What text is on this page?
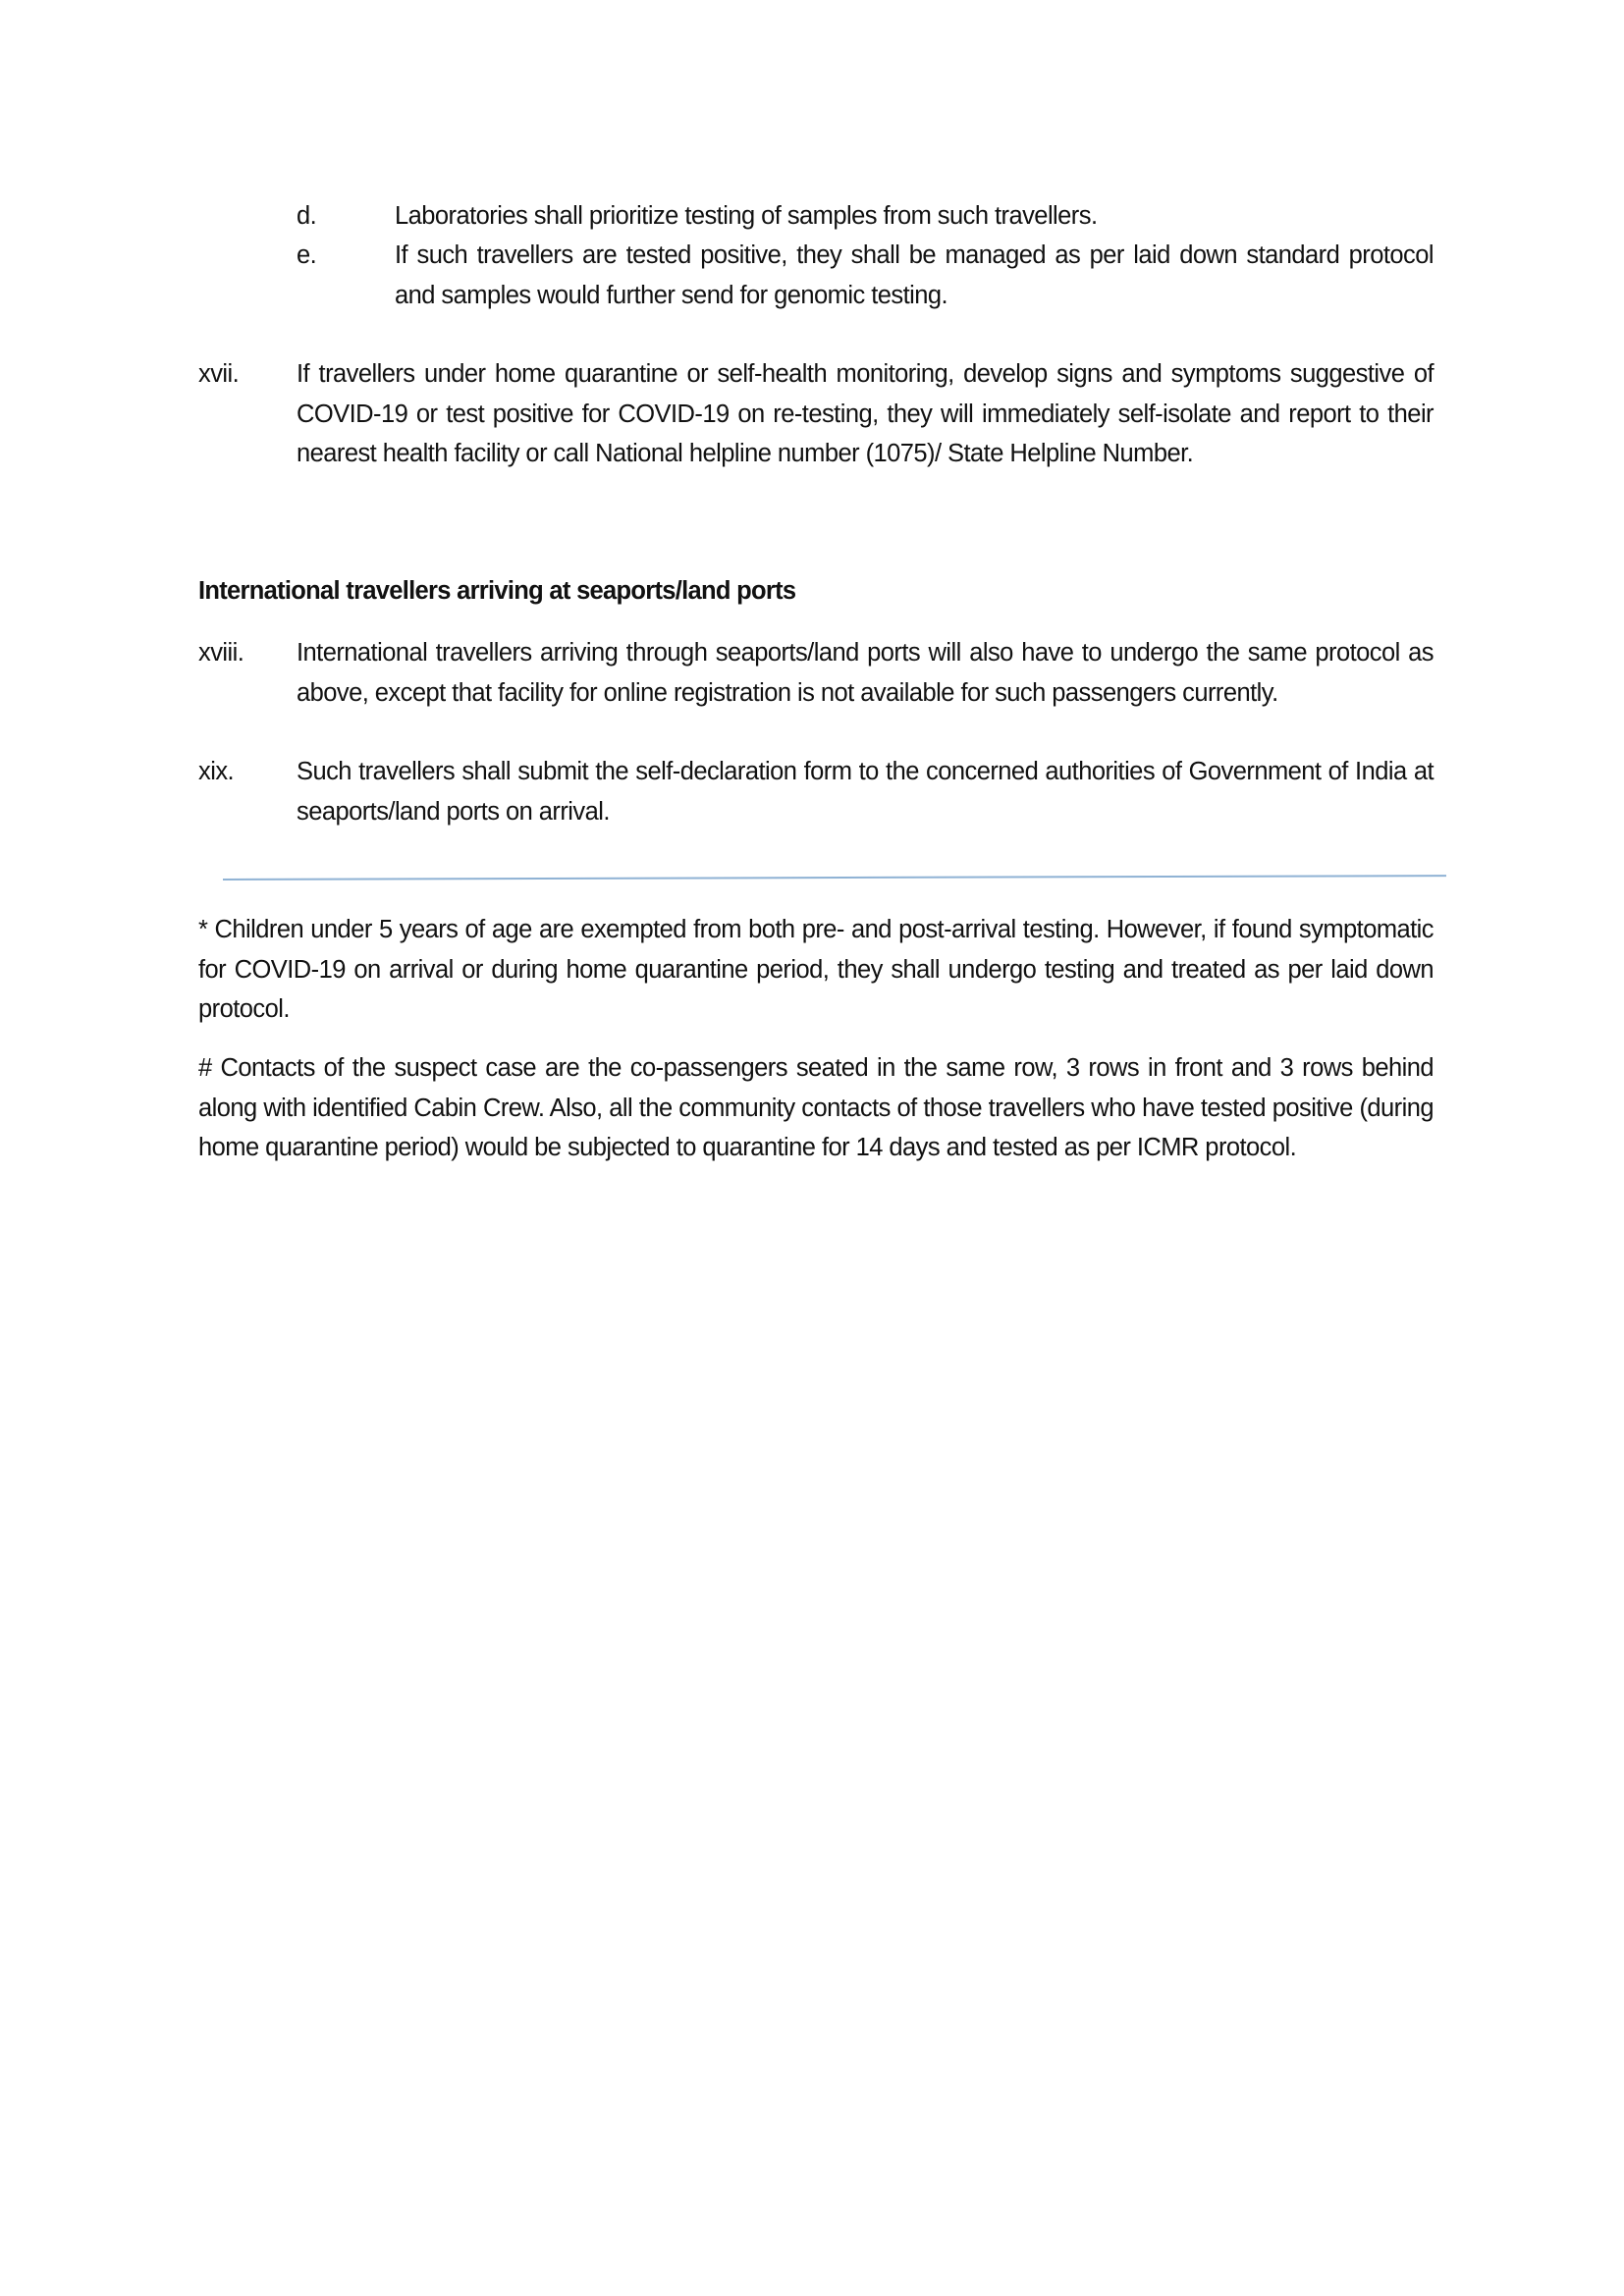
d.	Laboratories shall prioritize testing of samples from such travellers.
e.	If such travellers are tested positive, they shall be managed as per laid down standard protocol and samples would further send for genomic testing.
xvii. If travellers under home quarantine or self-health monitoring, develop signs and symptoms suggestive of COVID-19 or test positive for COVID-19 on re-testing, they will immediately self-isolate and report to their nearest health facility or call National helpline number (1075)/ State Helpline Number.
International travellers arriving at seaports/land ports
xviii. International travellers arriving through seaports/land ports will also have to undergo the same protocol as above, except that facility for online registration is not available for such passengers currently.
xix.	Such travellers shall submit the self-declaration form to the concerned authorities of Government of India at seaports/land ports on arrival.
* Children under 5 years of age are exempted from both pre- and post-arrival testing. However, if found symptomatic for COVID-19 on arrival or during home quarantine period, they shall undergo testing and treated as per laid down protocol.
# Contacts of the suspect case are the co-passengers seated in the same row, 3 rows in front and 3 rows behind along with identified Cabin Crew. Also, all the community contacts of those travellers who have tested positive (during home quarantine period) would be subjected to quarantine for 14 days and tested as per ICMR protocol.
